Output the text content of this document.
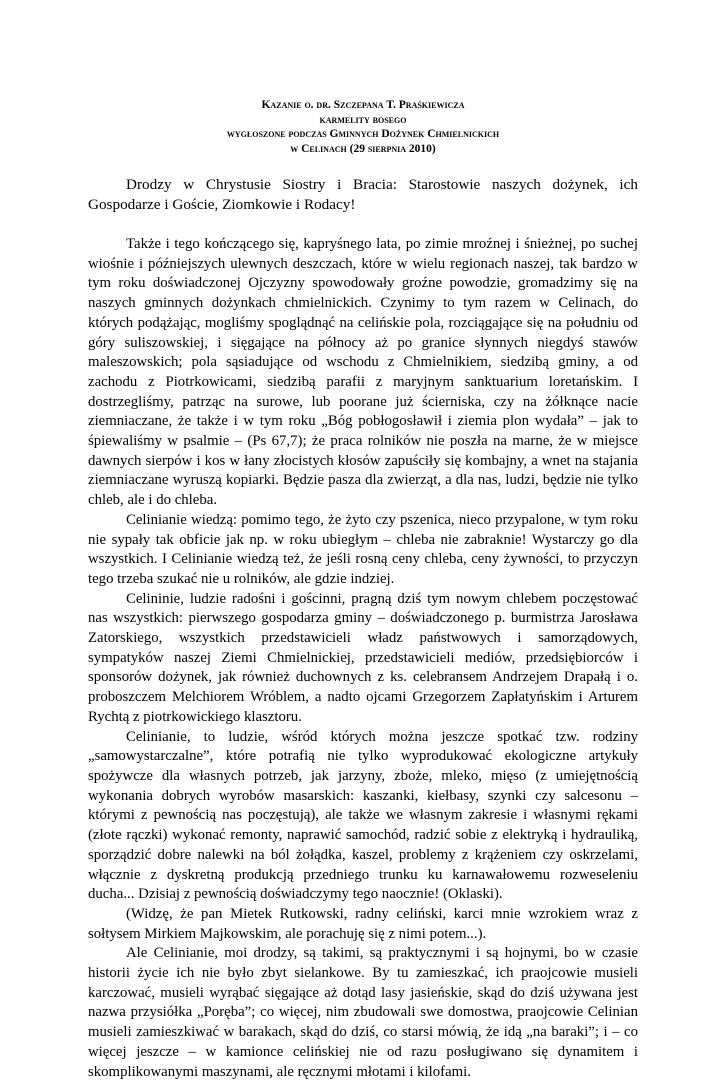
Kazanie o. dr. Szczepana T. Praśkiewicza

karmelity bosego

wygłoszone podczas Gminnych Dożynek Chmielnickich

w Celinach (29 sierpnia 2010)

Drodzy w Chrystusie Siostry i Bracia: Starostowie naszych dożynek, ich Gospodarze i Goście, Ziomkowie i Rodacy!

Także i tego kończącego się, kapryśnego lata, po zimie mroźnej i śnieżnej, po suchej wiośnie i późniejszych ulewnych deszczach, które w wielu regionach naszej, tak bardzo w tym roku doświadczonej Ojczyzny spowodowały groźne powodzie, gromadzimy się na naszych gminnych dożynkach chmielnickich. Czynimy to tym razem w Celinach, do których podążając, mogliśmy spoglądnąć na celińskie pola, rozciągające się na południu od góry suliszowskiej, i sięgające na północy aż po granice słynnych niegdyś stawów maleszowskich; pola sąsiadujące od wschodu z Chmielnikiem, siedzibą gminy, a od zachodu z Piotrkowicami, siedzibą parafii z maryjnym sanktuarium loretańskim. I dostrzegliśmy, patrząc na surowe, lub poorane już ścierniska, czy na żółknące nacie ziemniaczane, że także i w tym roku „Bóg pobłogosławił i ziemia plon wydała” – jak to śpiewaliśmy w psalmie – (Ps 67,7); że praca rolników nie poszła na marne, że w miejsce dawnych sierpów i kos w łany złocistych kłosów zapuściły się kombajny, a wnet na stajania ziemniaczane wyruszą kopiarki. Będzie pasza dla zwierząt, a dla nas, ludzi, będzie nie tylko chleb, ale i do chleba.

Celinianie wiedzą: pomimo tego, że żyto czy pszenica, nieco przypalone, w tym roku nie sypały tak obficie jak np. w roku ubiegłym – chleba nie zabraknie! Wystarczy go dla wszystkich. I Celinianie wiedzą też, że jeśli rosną ceny chleba, ceny żywności, to przyczyn tego trzeba szukać nie u rolników, ale gdzie indziej.

Celininie, ludzie radośni i gościnni, pragną dziś tym nowym chlebem poczęstować nas wszystkich: pierwszego gospodarza gminy – doświadczonego p. burmistrza Jarosława Zatorskiego, wszystkich przedstawicieli władz państwowych i samorządowych, sympatyków naszej Ziemi Chmielnickiej, przedstawicieli mediów, przedsiębiorców i sponsorów dożynek, jak również duchownych z ks. celebransem Andrzejem Drapałą i o. proboszczem Melchiorem Wróblem, a nadto ojcami Grzegorzem Zapłatyńskim i Arturem Rychtą z piotrkowickiego klasztoru.

Celinianie, to ludzie, wśród których można jeszcze spotkać tzw. rodziny „samowystarczalne”, które potrafią nie tylko wyprodukować ekologiczne artykuły spożywcze dla własnych potrzeb, jak jarzyny, zboże, mleko, mięso (z umiejętnością wykonania dobrych wyrobów masarskich: kaszanki, kiełbasy, szynki czy salcesonu – którymi z pewnością nas poczęstują), ale także we własnym zakresie i własnymi rękami (złote rączki) wykonać remonty, naprawić samochód, radzić sobie z elektryką i hydrauliką, sporządzić dobre nalewki na ból żołądka, kaszel, problemy z krążeniem czy oskrzelami, włącznie z dyskretną produkcją przedniego trunku ku karnawałowemu rozweseleniu ducha... Dzisiaj z pewnością doświadczymy tego naocznie! (Oklaski).

(Widzę, że pan Mietek Rutkowski, radny celiński, karci mnie wzrokiem wraz z sołtysem Mirkiem Majkowskim, ale porachuję się z nimi potem...).

Ale Celinianie, moi drodzy, są takimi, są praktycznymi i są hojnymi, bo w czasie historii życie ich nie było zbyt sielankowe. By tu zamieszkać, ich praojcowie musieli karczować, musieli wyrąbać sięgające aż dotąd lasy jasieńskie, skąd do dziś używana jest nazwa przysiółka „Poręba”; co więcej, nim zbudowali swe domostwa, praojcowie Celinian musieli zamieszkiwać w barakach, skąd do dziś, co starsi mówią, że idą „na baraki”; i – co więcej jeszcze – w kamionce celińskiej nie od razu posługiwano się dynamitem i skomplikowanymi maszynami, ale ręcznymi młotami i kilofami.
